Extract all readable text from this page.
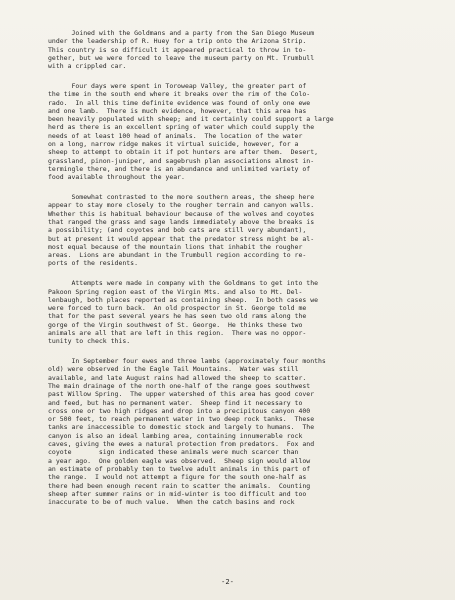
Joined with the Goldmans and a party from the San Diego Museum
under the leadership of R. Huey for a trip onto the Arizona Strip.
This country is so difficult it appeared practical to throw in to-
gether, but we were forced to leave the museum party on Mt. Trumbull
with a crippled car.
Four days were spent in Toroweap Valley, the greater part of
the time in the south end where it breaks over the rim of the Colo-
rado.  In all this time definite evidence was found of only one ewe
and one lamb.  There is much evidence, however, that this area has
been heavily populated with sheep; and it certainly could support a large
herd as there is an excellent spring of water which could supply the
needs of at least 100 head of animals.  The location of the water
on a long, narrow ridge makes it virtual suicide, however, for a
sheep to attempt to obtain it if pot hunters are after them.  Desert,
grassland, pinon-juniper, and sagebrush plan associations almost in-
termingle there, and there is an abundance and unlimited variety of
food available throughout the year.
Somewhat contrasted to the more southern areas, the sheep here
appear to stay more closely to the rougher terrain and canyon walls.
Whether this is habitual behaviour because of the wolves and coyotes
that ranged the grass and sage lands immediately above the breaks is
a possibility; (and coyotes and bob cats are still very abundant),
but at present it would appear that the predator stress might be al-
most equal because of the mountain lions that inhabit the rougher
areas.  Lions are abundant in the Trumbull region according to re-
ports of the residents.
Attempts were made in company with the Goldmans to get into the
Pakoon Spring region east of the Virgin Mts. and also to Mt. Del-
lenbaugh, both places reported as containing sheep.  In both cases we
were forced to turn back.  An old prospector in St. George told me
that for the past several years he has seen two old rams along the
gorge of the Virgin southwest of St. George.  He thinks these two
animals are all that are left in this region.  There was no oppor-
tunity to check this.
In September four ewes and three lambs (approximately four months
old) were observed in the Eagle Tail Mountains.  Water was still
available, and late August rains had allowed the sheep to scatter.
The main drainage of the north one-half of the range goes southwest
past Willow Spring.  The upper watershed of this area has good cover
and feed, but has no permanent water.  Sheep find it necessary to
cross one or two high ridges and drop into a precipitous canyon 400
or 500 feet, to reach permanent water in two deep rock tanks.  These
tanks are inaccessible to domestic stock and largely to humans.  The
canyon is also an ideal lambing area, containing innumerable rock
caves, giving the ewes a natural protection from predators.  Fox and
coyote       sign indicated these animals were much scarcer than
a year ago.  One golden eagle was observed.  Sheep sign would allow
an estimate of probably ten to twelve adult animals in this part of
the range.  I would not attempt a figure for the south one-half as
there had been enough recent rain to scatter the animals.  Counting
sheep after summer rains or in mid-winter is too difficult and too
inaccurate to be of much value.  When the catch basins and rock
-2-
